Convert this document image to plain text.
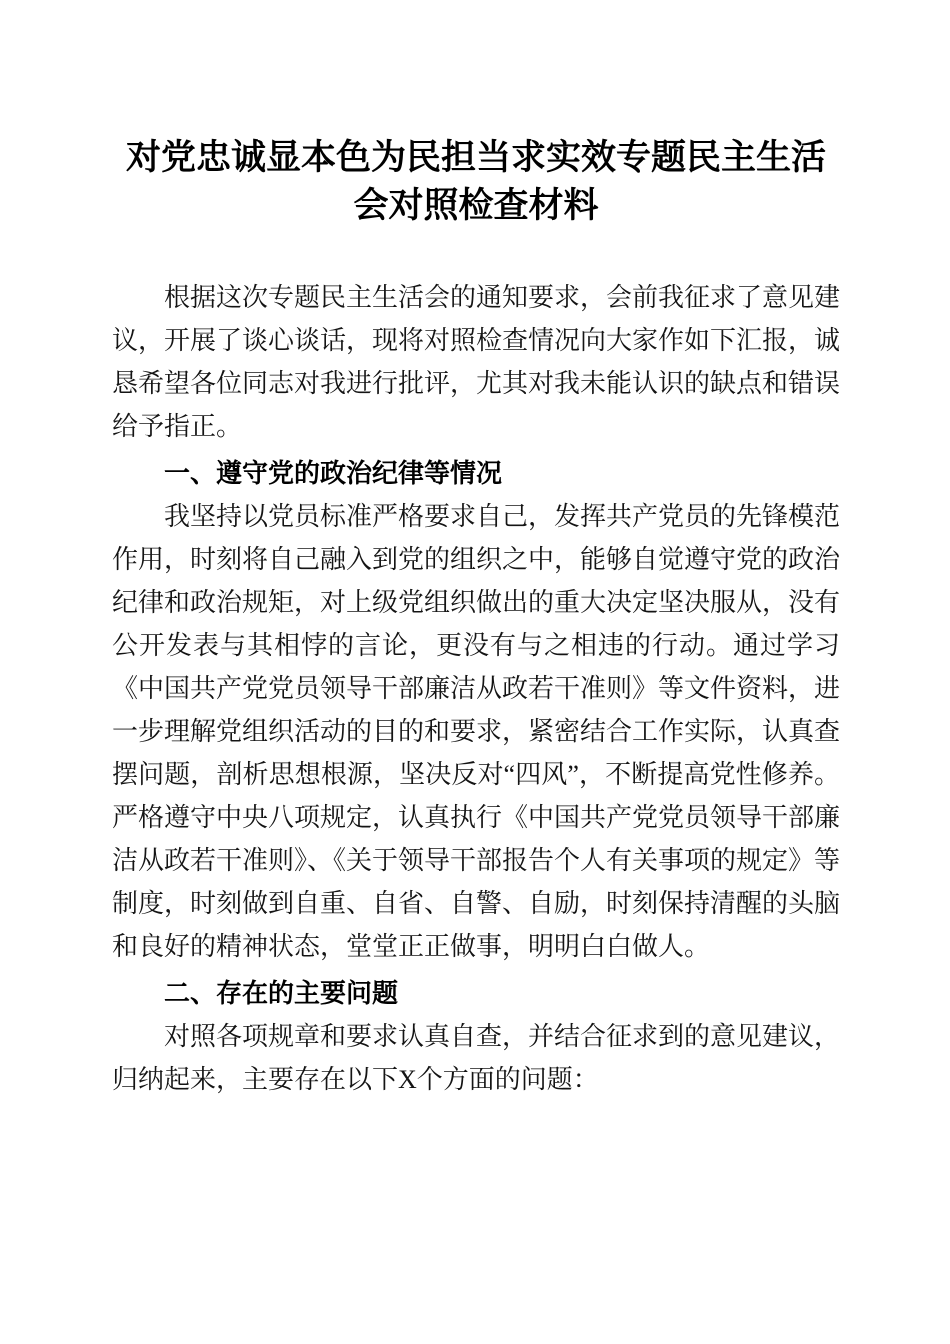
对党忠诚显本色为民担当求实效专题民主生活会对照检查材料

根据这次专题民主生活会的通知要求，会前我征求了意见建议，开展了谈心谈话，现将对照检查情况向大家作如下汇报，诚恳希望各位同志对我进行批评，尤其对我未能认识的缺点和错误给予指正。

一、遵守党的政治纪律等情况

我坚持以党员标准严格要求自己，发挥共产党员的先锋模范作用，时刻将自己融入到党的组织之中，能够自觉遵守党的政治纪律和政治规矩，对上级党组织做出的重大决定坚决服从，没有公开发表与其相悖的言论，更没有与之相违的行动。通过学习《中国共产党党员领导干部廉洁从政若干准则》等文件资料，进一步理解党组织活动的目的和要求，紧密结合工作实际，认真查摆问题，剖析思想根源，坚决反对“四风”，不断提高党性修养。严格遵守中央八项规定，认真执行《中国共产党党员领导干部廉洁从政若干准则》、《关于领导干部报告个人有关事项的规定》等制度，时刻做到自重、自省、自警、自励，时刻保持清醒的头脑和良好的精神状态，堂堂正正做事，明明白白做人。

二、存在的主要问题

对照各项规章和要求认真自查，并结合征求到的意见建议，归纳起来，主要存在以下X个方面的问题：
